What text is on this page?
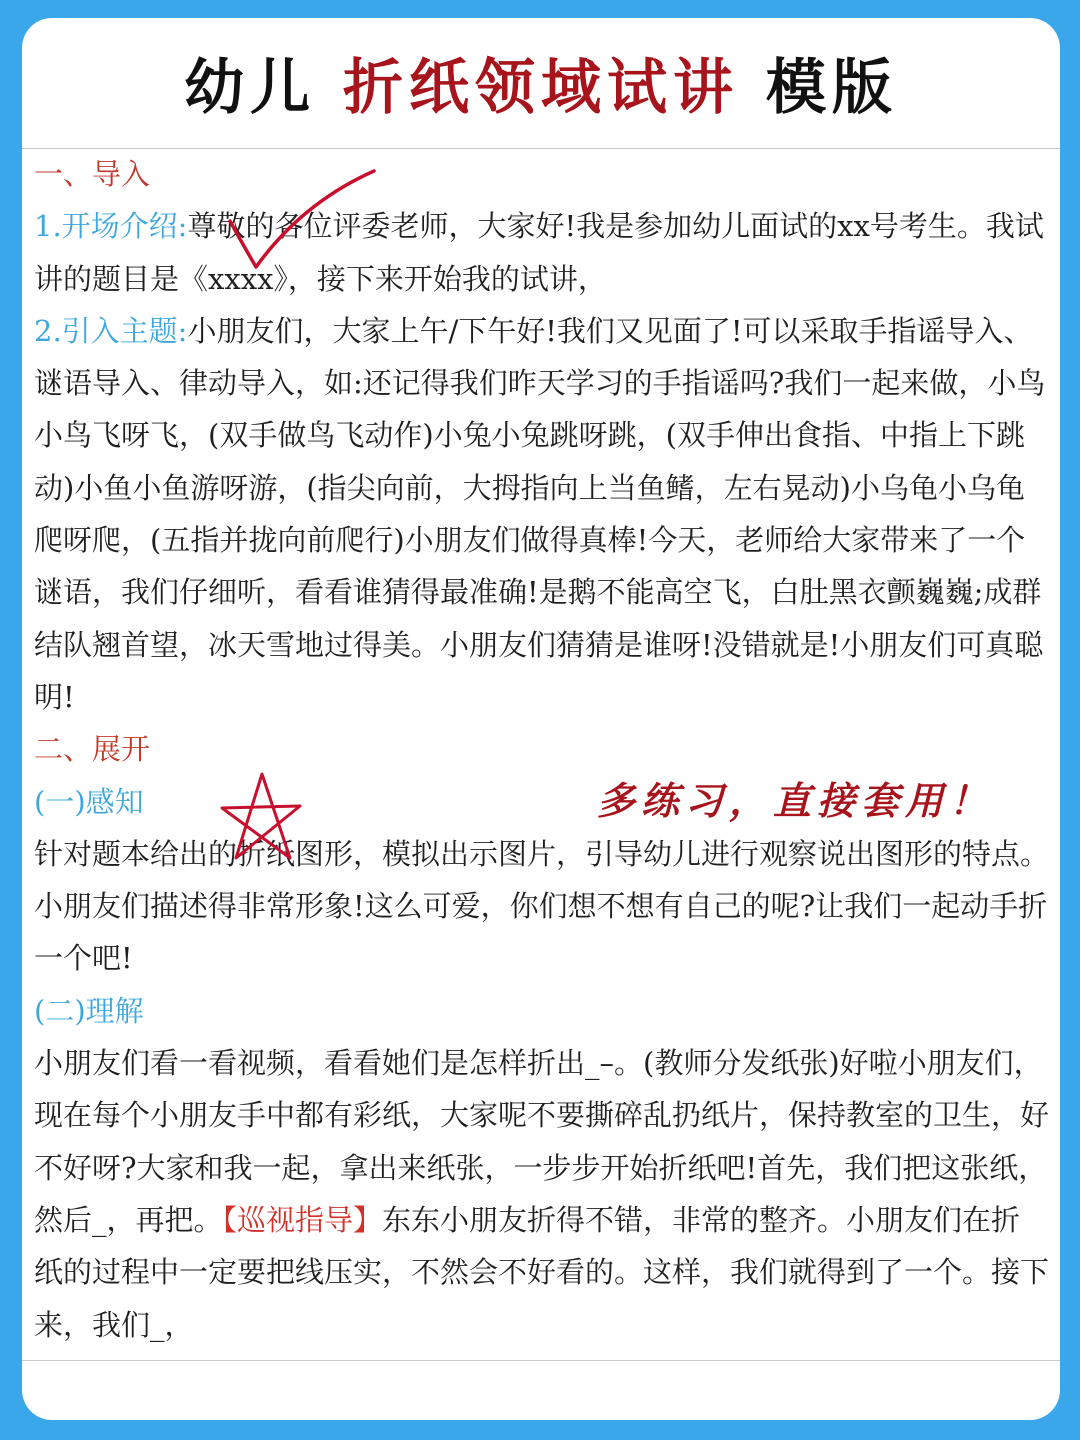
幼儿 折纸领域试讲 模版

一、导入

1.开场介绍:尊敬的各位评委老师，大家好!我是参加幼儿面试的xx号考生。我试讲的题目是《xxxx》，接下来开始我的试讲，

2.引入主题:小朋友们，大家上午/下午好!我们又见面了!可以采取手指谣导入、谜语导入、律动导入，如:还记得我们昨天学习的手指谣吗?我们一起来做，小鸟小鸟飞呀飞，(双手做鸟飞动作)小兔小兔跳呀跳，(双手伸出食指、中指上下跳动)小鱼小鱼游呀游，(指尖向前，大拇指向上当鱼鳍，左右晃动)小乌龟小乌龟爬呀爬，(五指并拢向前爬行)小朋友们做得真棒!今天，老师给大家带来了一个谜语，我们仔细听，看看谁猜得最准确!是鹅不能高空飞，白肚黑衣颤巍巍;成群结队翘首望，冰天雪地过得美。小朋友们猜猜是谁呀!没错就是!小朋友们可真聪明!

二、展开

(一)感知

针对题本给出的折纸图形，模拟出示图片，引导幼儿进行观察说出图形的特点。小朋友们描述得非常形象!这么可爱，你们想不想有自己的呢?让我们一起动手折一个吧!

(二)理解

小朋友们看一看视频，看看她们是怎样折出_–。(教师分发纸张)好啦小朋友们，现在每个小朋友手中都有彩纸，大家呢不要撕碎乱扔纸片，保持教室的卫生，好不好呀?大家和我一起，拿出来纸张，一步步开始折纸吧!首先，我们把这张纸，然后_，再把。【巡视指导】东东小朋友折得不错，非常的整齐。小朋友们在折纸的过程中一定要把线压实，不然会不好看的。这样，我们就得到了一个。接下来，我们_，

多练习，直接套用！
